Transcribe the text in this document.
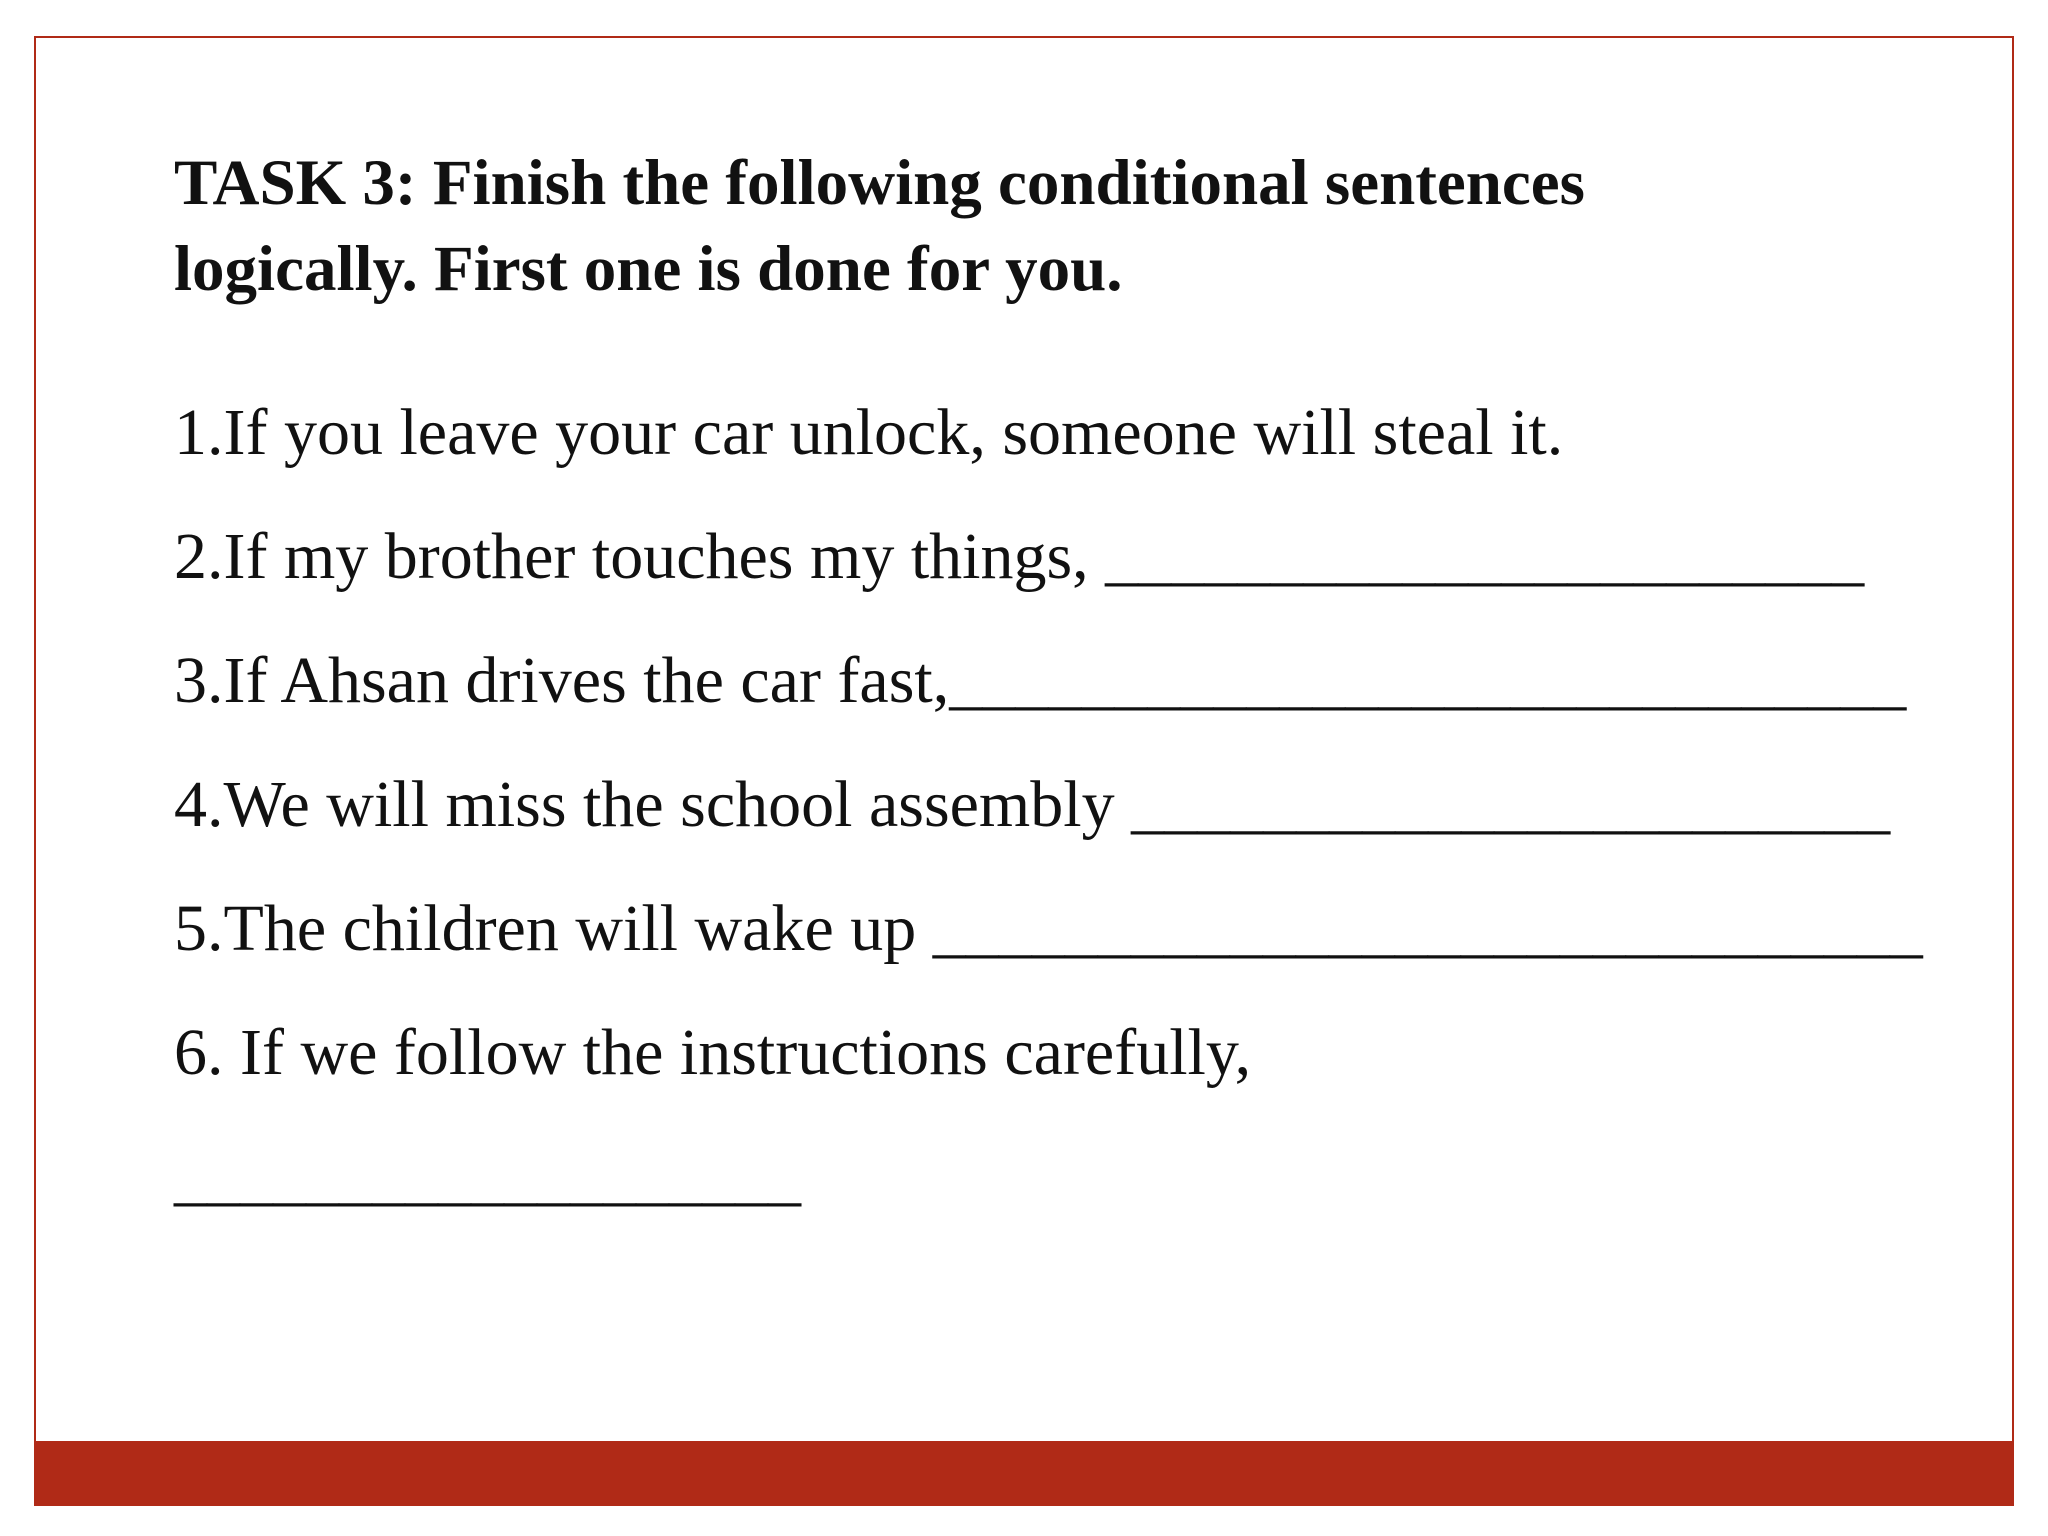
TASK 3: Finish the following conditional sentences
logically. First one is done for you.

1.If you leave your car unlock, someone will steal it.

2.If my brother touches my things, _______________________

3.If Ahsan drives the car fast,_____________________________

4.We will miss the school assembly _______________________

5.The children will wake up ______________________________

6. If we follow the instructions carefully,

___________________
